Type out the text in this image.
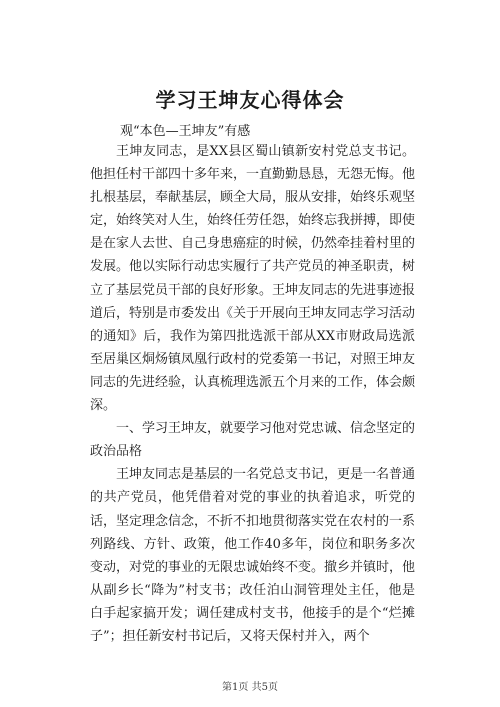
学习王坤友心得体会
观“本色—王坤友”有感

王坤友同志，是XX县区蜀山镇新安村党总支书记。他担任村干部四十多年来，一直勤勤恳恳，无怨无悔。他扎根基层，奉献基层，顾全大局，服从安排，始终乐观坚定，始终笑对人生，始终任劳任怨，始终忘我拼搏，即使是在家人去世、自己身患癌症的时候，仍然牵挂着村里的发展。他以实际行动忠实履行了共产党员的神圣职责，树立了基层党员干部的良好形象。王坤友同志的先进事迹报道后，特别是市委发出《关于开展向王坤友同志学习活动的通知》后，我作为第四批选派干部从XX市财政局选派至居巢区烔炀镇凤凰行政村的党委第一书记，对照王坤友同志的先进经验，认真梳理选派五个月来的工作，体会颇深。

一、学习王坤友，就要学习他对党忠诚、信念坚定的政治品格

王坤友同志是基层的一名党总支书记，更是一名普通的共产党员，他凭借着对党的事业的执着追求，听党的话，坚定理念信念，不折不扣地贯彻落实党在农村的一系列路线、方针、政策，他工作40多年，岗位和职务多次变动，对党的事业的无限忠诚始终不变。撤乡并镇时，他从副乡长“降为”村支书；改任泊山洞管理处主任，他是白手起家搞开发；调任建成村支书，他接手的是个“烂摊子”；担任新安村书记后，又将天保村并入，两个

第1页 共5页
